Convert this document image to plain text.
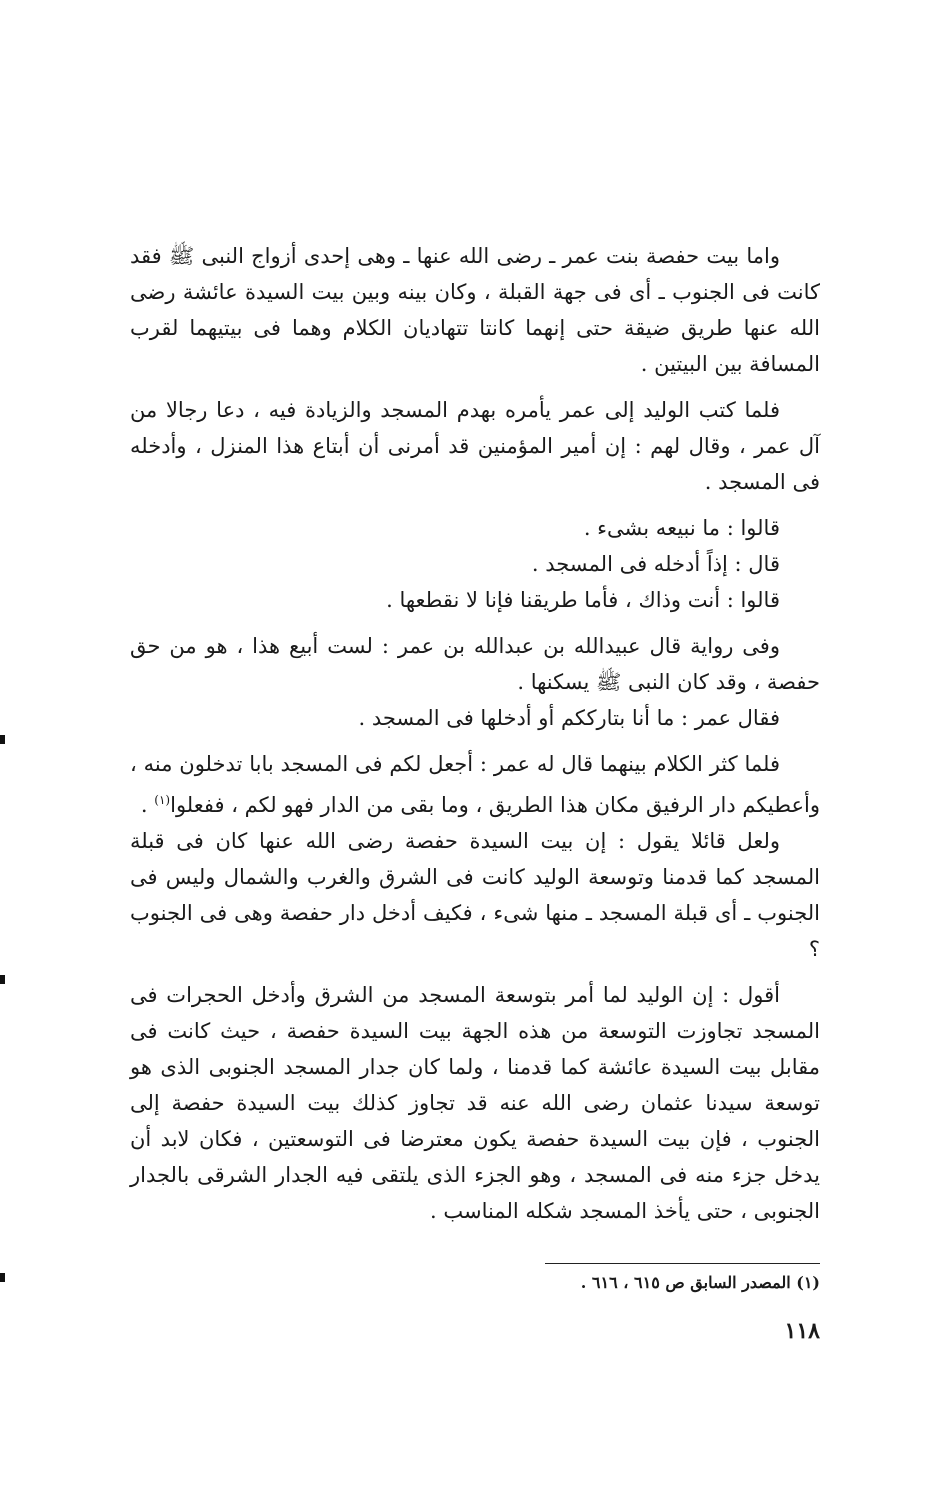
واما بيت حفصة بنت عمر ـ رضى الله عنها ـ وهى إحدى أزواج النبى ﷺ فقد كانت فى الجنوب ـ أى فى جهة القبلة ، وكان بينه وبين بيت السيدة عائشة رضى الله عنها طريق ضيقة حتى إنهما كانتا تتهاديان الكلام وهما فى بيتيهما لقرب المسافة بين البيتين .

فلما كتب الوليد إلى عمر يأمره بهدم المسجد والزيادة فيه ، دعا رجالا من آل عمر ، وقال لهم : إن أمير المؤمنين قد أمرنى أن أبتاع هذا المنزل ، وأدخله فى المسجد .

قالوا : ما نبيعه بشىء .

قال : إذاً أدخله فى المسجد .

قالوا : أنت وذاك ، فأما طريقنا فإنا لا نقطعها .

وفى رواية قال عبيدالله بن عبدالله بن عمر : لست أبيع هذا ، هو من حق حفصة ، وقد كان النبى ﷺ يسكنها .

فقال عمر : ما أنا بتارككم أو أدخلها فى المسجد .

فلما كثر الكلام بينهما قال له عمر : أجعل لكم فى المسجد بابا تدخلون منه ، وأعطيكم دار الرفيق مكان هذا الطريق ، وما بقى من الدار فهو لكم ، ففعلوا$^{(١)}$ .

ولعل قائلا يقول : إن بيت السيدة حفصة رضى الله عنها كان فى قبلة المسجد كما قدمنا وتوسعة الوليد كانت فى الشرق والغرب والشمال وليس فى الجنوب ـ أى قبلة المسجد ـ منها شىء ، فكيف أدخل دار حفصة وهى فى الجنوب ؟

أقول : إن الوليد لما أمر بتوسعة المسجد من الشرق وأدخل الحجرات فى المسجد تجاوزت التوسعة من هذه الجهة بيت السيدة حفصة ، حيث كانت فى مقابل بيت السيدة عائشة كما قدمنا ، ولما كان جدار المسجد الجنوبى الذى هو توسعة سيدنا عثمان رضى الله عنه قد تجاوز كذلك بيت السيدة حفصة إلى الجنوب ، فإن بيت السيدة حفصة يكون معترضا فى التوسعتين ، فكان لابد أن يدخل جزء منه فى المسجد ، وهو الجزء الذى يلتقى فيه الجدار الشرقى بالجدار الجنوبى ، حتى يأخذ المسجد شكله المناسب .

(١) المصدر السابق ص ٦١٥ ، ٦١٦ .
١١٨
